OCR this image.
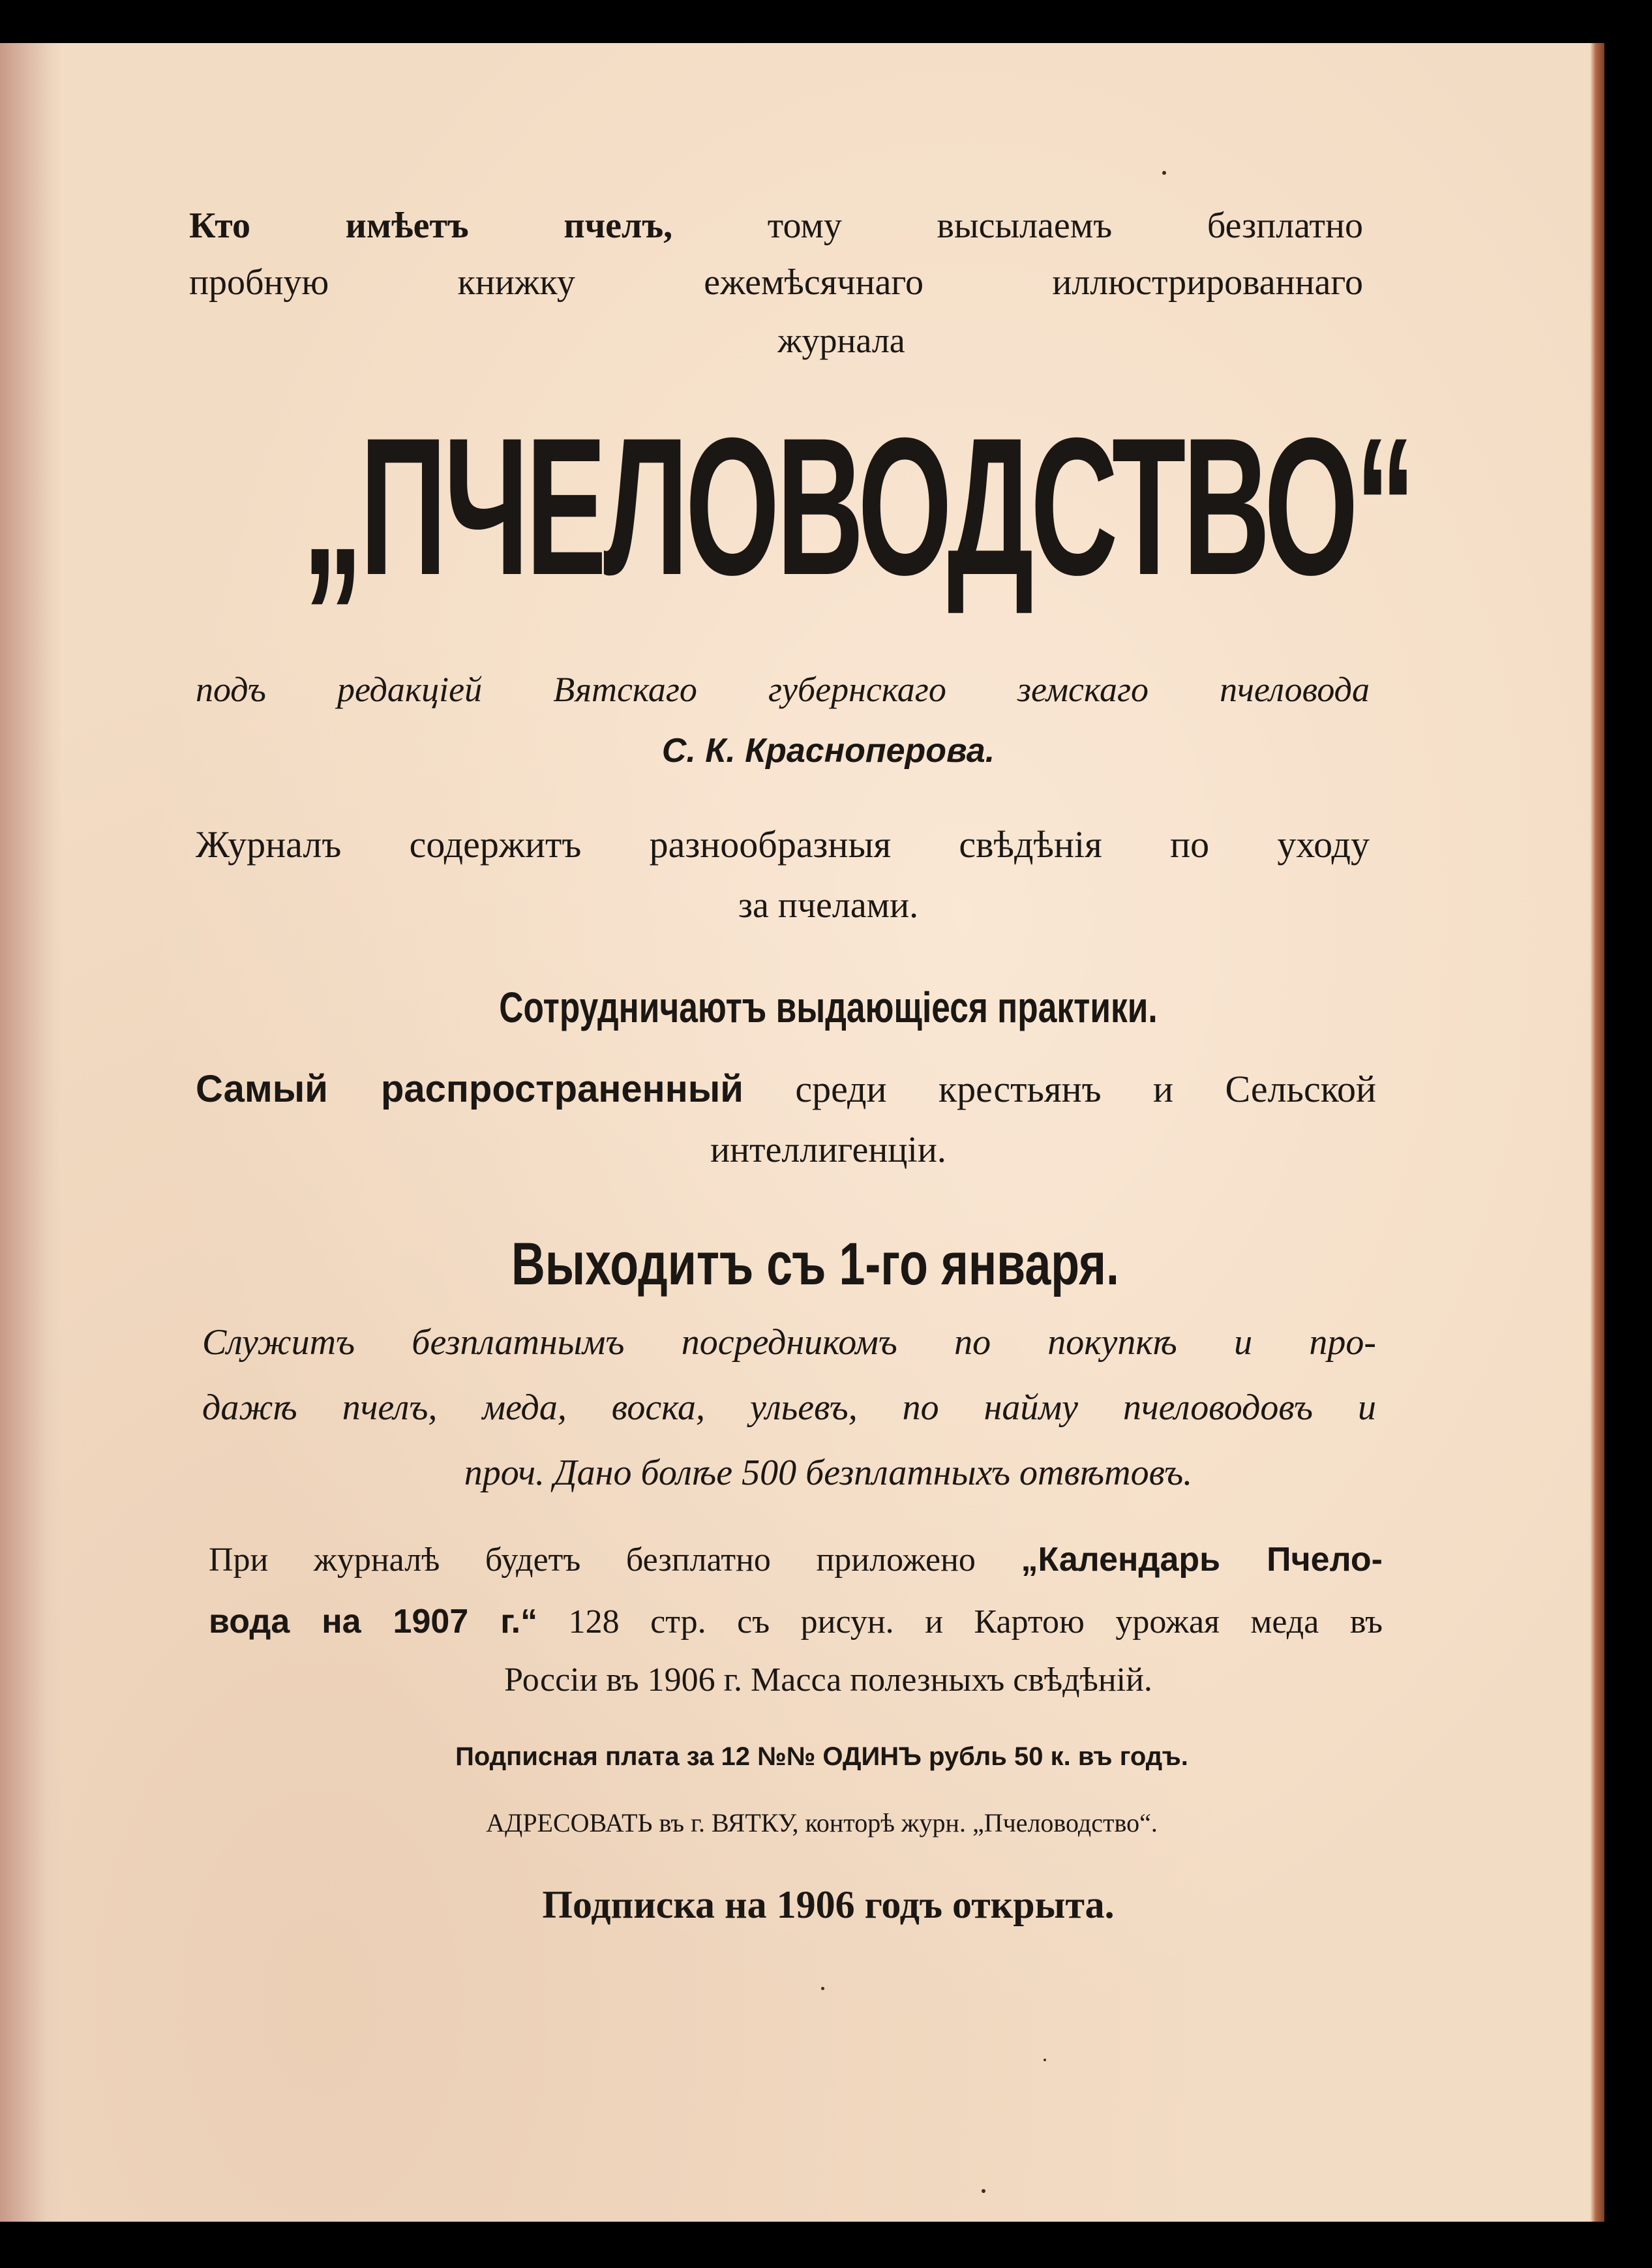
Кто имѣетъ пчелъ,	тому высылаемъ безплатно

пробную книжку ежемѣсячнаго иллюстрированнаго

журнала

„ПЧЕЛОВОДСТВО“

подъ редакціей Вятскаго губернскаго земскаго пчеловода

С. К. Краснoперова.

Журналъ содержитъ разнообразныя свѣдѣнія по уходу

за пчелами.

Сотрудничаютъ выдающіеся практики.

Самый распространенный среди крестьянъ и Сельской

интеллигенціи.

Выходитъ съ 1-го января.

Служитъ безплатнымъ посредникомъ по покупкѣ и про-

дажѣ пчелъ, меда, воска, ульевъ, по найму пчеловодовъ и

проч. Дано болѣе 500 безплатныхъ отвѣтовъ.

При журналѣ будетъ безплатно приложено „Календарь Пчело-

вода на 1907 г.“ 128 стр. съ рисун. и Картою урожая меда въ

Россіи въ 1906 г. Масса полезныхъ свѣдѣній.

Подписная плата за 12 №№ ОДИНЪ рубль 50 к. въ годъ.

АДРЕСОВАТЬ въ г. ВЯТКУ, конторѣ журн. „Пчеловодство“.

Подписка на 1906 годъ открыта.
